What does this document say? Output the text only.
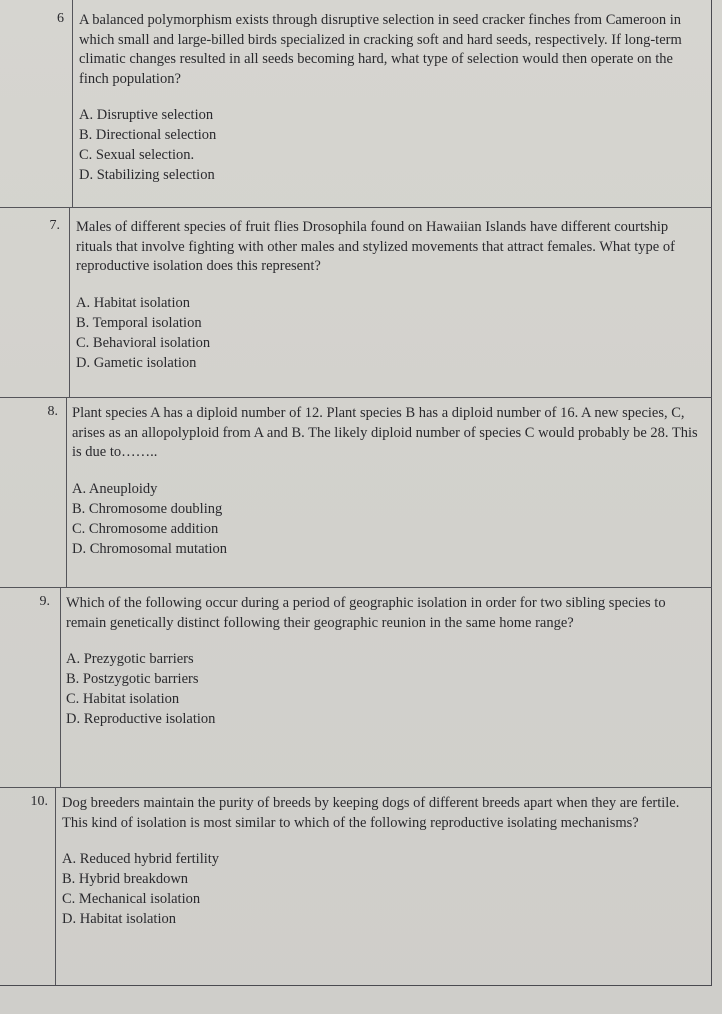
6 A balanced polymorphism exists through disruptive selection in seed cracker finches from Cameroon in which small and large-billed birds specialized in cracking soft and hard seeds, respectively. If long-term climatic changes resulted in all seeds becoming hard, what type of selection would then operate on the finch population?

A. Disruptive selection

B. Directional selection

C. Sexual selection.

D. Stabilizing selection

7. Males of different species of fruit flies Drosophila found on Hawaiian Islands have different courtship rituals that involve fighting with other males and stylized movements that attract females. What type of reproductive isolation does this represent?

A. Habitat isolation

B. Temporal isolation

C. Behavioral isolation

D. Gametic isolation

8. Plant species A has a diploid number of 12. Plant species B has a diploid number of 16. A new species, C, arises as an allopolyploid from A and B. The likely diploid number of species C would probably be 28. This is due to……..

A. Aneuploidy

B. Chromosome doubling

C. Chromosome addition

D. Chromosomal mutation

9. Which of the following occur during a period of geographic isolation in order for two sibling species to remain genetically distinct following their geographic reunion in the same home range?

A. Prezygotic barriers

B. Postzygotic barriers

C. Habitat isolation

D. Reproductive isolation

10. Dog breeders maintain the purity of breeds by keeping dogs of different breeds apart when they are fertile. This kind of isolation is most similar to which of the following reproductive isolating mechanisms?

A. Reduced hybrid fertility

B. Hybrid breakdown

C. Mechanical isolation

D. Habitat isolation
